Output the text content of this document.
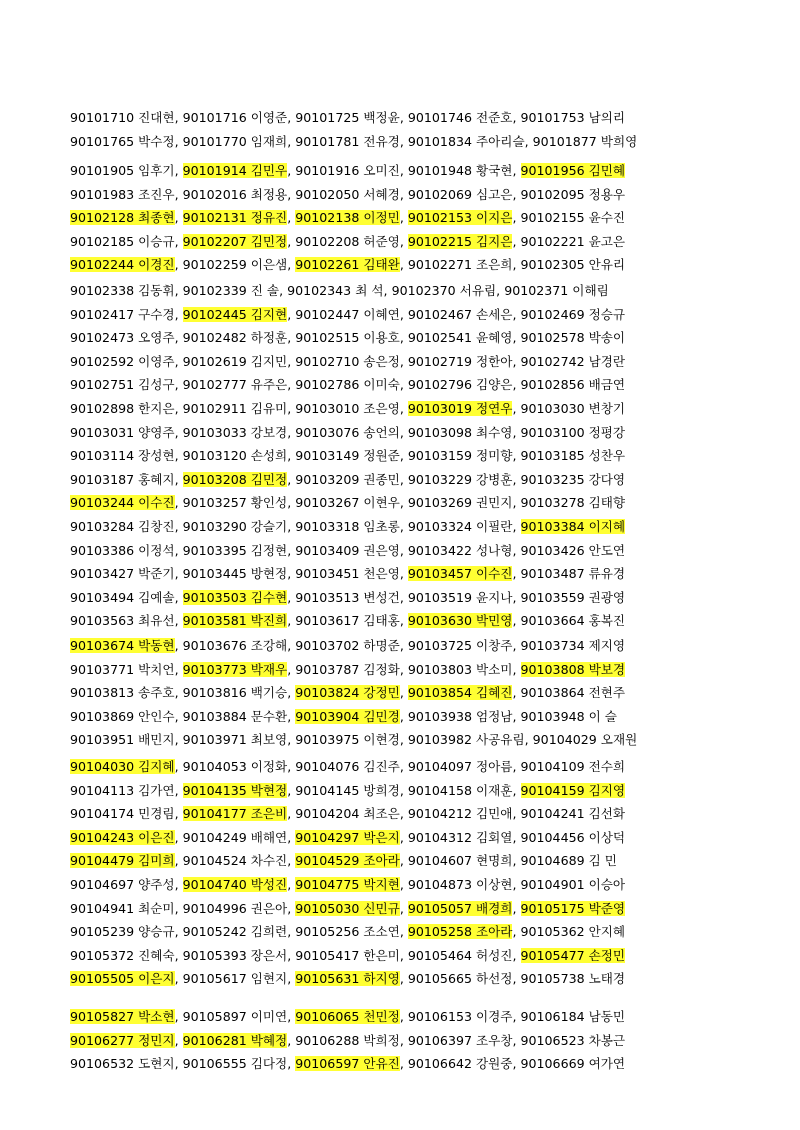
90101710 진대현, 90101716 이영준, 90101725 백정윤, 90101746 전준호, 90101753 남의리
90101765 박수정, 90101770 임재희, 90101781 전유경, 90101834 주아리슬, 90101877 박희영
90101905 임후기, 90101914 김민우, 90101916 오미진, 90101948 황국현, 90101956 김민혜
90101983 조진우, 90102016 최정용, 90102050 서혜경, 90102069 심고은, 90102095 정용우
90102128 최종현, 90102131 정유진, 90102138 이정민, 90102153 이지은, 90102155 윤수진
90102185 이승규, 90102207 김민정, 90102208 허준영, 90102215 김지은, 90102221 윤고은
90102244 이경진, 90102259 이은샘, 90102261 김태완, 90102271 조은희, 90102305 안유리
90102338 김동휘, 90102339 진 솔, 90102343 최 석, 90102370 서유림, 90102371 이해림
90102417 구수경, 90102445 김지현, 90102447 이혜연, 90102467 손세은, 90102469 정승규
90102473 오영주, 90102482 하정훈, 90102515 이용호, 90102541 윤혜영, 90102578 박송이
90102592 이영주, 90102619 김지민, 90102710 송은정, 90102719 정한아, 90102742 남경란
90102751 김성구, 90102777 유주은, 90102786 이미숙, 90102796 김양은, 90102856 배금연
90102898 한지은, 90102911 김유미, 90103010 조은영, 90103019 정연우, 90103030 변창기
90103031 양영주, 90103033 강보경, 90103076 송언의, 90103098 최수영, 90103100 정평강
90103114 장성현, 90103120 손성희, 90103149 정원준, 90103159 정미향, 90103185 성찬우
90103187 홍혜지, 90103208 김민정, 90103209 권종민, 90103229 강병훈, 90103235 강다영
90103244 이수진, 90103257 황인성, 90103267 이현우, 90103269 권민지, 90103278 김태향
90103284 김창진, 90103290 강슬기, 90103318 임초롱, 90103324 이필란, 90103384 이지혜
90103386 이정석, 90103395 김정현, 90103409 권은영, 90103422 성나형, 90103426 안도연
90103427 박준기, 90103445 방현정, 90103451 천은영, 90103457 이수진, 90103487 류유경
90103494 김예솔, 90103503 김수현, 90103513 변성건, 90103519 윤지나, 90103559 권광영
90103563 최유선, 90103581 박진희, 90103617 김태홍, 90103630 박민영, 90103664 홍복진
90103674 박동현, 90103676 조강해, 90103702 하명준, 90103725 이창주, 90103734 제지영
90103771 박치언, 90103773 박재우, 90103787 김정화, 90103803 박소미, 90103808 박보경
90103813 송주호, 90103816 백기승, 90103824 강정민, 90103854 김혜진, 90103864 전현주
90103869 안인수, 90103884 문수환, 90103904 김민경, 90103938 엄정남, 90103948 이 슬
90103951 배민지, 90103971 최보영, 90103975 이현경, 90103982 사공유림, 90104029 오재원
90104030 김지혜, 90104053 이정화, 90104076 김진주, 90104097 정아름, 90104109 전수희
90104113 김가연, 90104135 박현정, 90104145 방희경, 90104158 이재훈, 90104159 김지영
90104174 민경림, 90104177 조은비, 90104204 최조은, 90104212 김민애, 90104241 김선화
90104243 이은진, 90104249 배해연, 90104297 박은지, 90104312 김회열, 90104456 이상덕
90104479 김미희, 90104524 차수진, 90104529 조아라, 90104607 현명희, 90104689 김 민
90104697 양주성, 90104740 박성진, 90104775 박지현, 90104873 이상현, 90104901 이승아
90104941 최순미, 90104996 권은아, 90105030 신민규, 90105057 배경희, 90105175 박준영
90105239 양승규, 90105242 김희련, 90105256 조소연, 90105258 조아라, 90105362 안지혜
90105372 진혜숙, 90105393 장은서, 90105417 한은미, 90105464 허성진, 90105477 손정민
90105505 이은지, 90105617 임현지, 90105631 하지영, 90105665 하선정, 90105738 노태경
90105827 박소현, 90105897 이미연, 90106065 천민정, 90106153 이경주, 90106184 남동민
90106277 정민지, 90106281 박혜정, 90106288 박희정, 90106397 조우창, 90106523 차봉근
90106532 도현지, 90106555 김다정, 90106597 안유진, 90106642 강원중, 90106669 여가연
